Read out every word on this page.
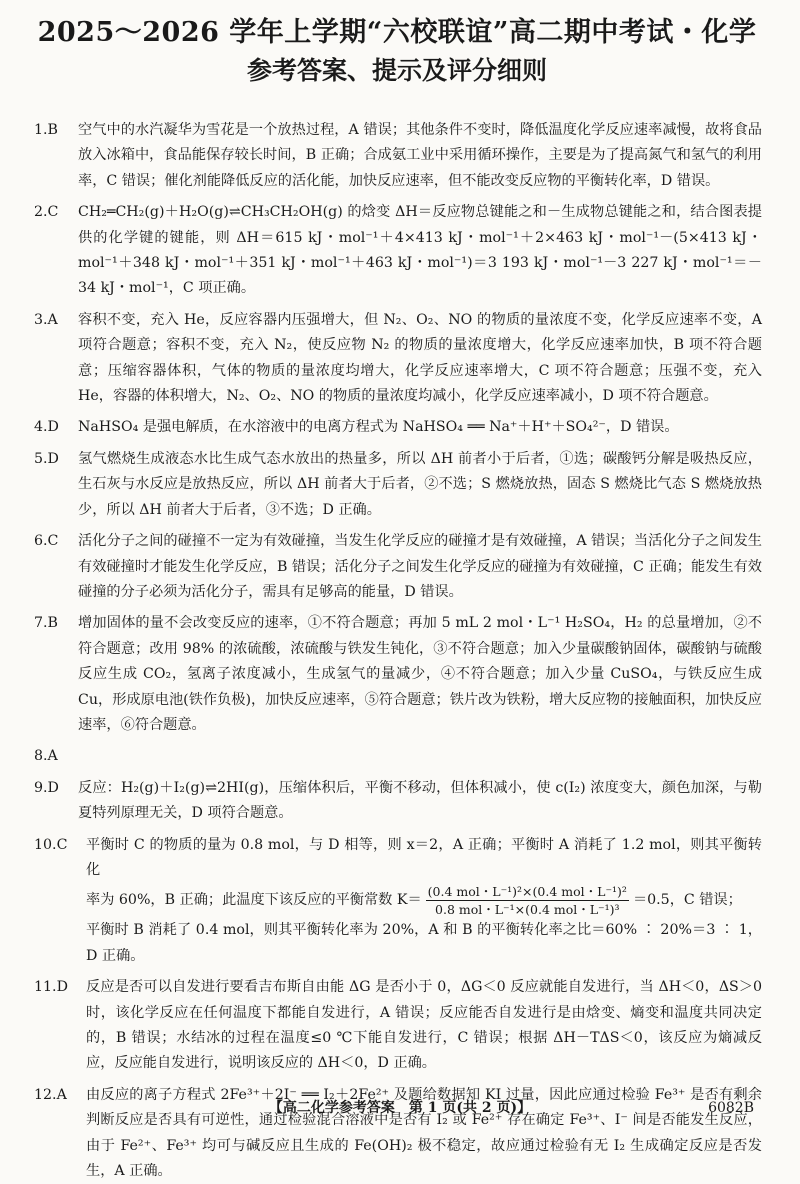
2025～2026 学年上学期“六校联谊”高二期中考试・化学
参考答案、提示及评分细则
1.B	空气中的水汽凝华为雪花是一个放热过程，A 错误；其他条件不变时，降低温度化学反应速率减慢，故将食品放入冰箱中，食品能保存较长时间，B 正确；合成氨工业中采用循环操作，主要是为了提高氮气和氢气的利用率，C 错误；催化剂能降低反应的活化能，加快反应速率，但不能改变反应物的平衡转化率，D 错误。

2.C	CH₂═CH₂(g)＋H₂O(g)⇌CH₃CH₂OH(g) 的焓变 ΔH＝反应物总键能之和－生成物总键能之和，结合图表提供的化学键的键能，则 ΔH＝615 kJ・mol⁻¹＋4×413 kJ・mol⁻¹＋2×463 kJ・mol⁻¹－(5×413 kJ・mol⁻¹＋348 kJ・mol⁻¹＋351 kJ・mol⁻¹＋463 kJ・mol⁻¹)＝3 193 kJ・mol⁻¹－3 227 kJ・mol⁻¹＝－34 kJ・mol⁻¹，C 项正确。

3.A	容积不变，充入 He，反应容器内压强增大，但 N₂、O₂、NO 的物质的量浓度不变，化学反应速率不变，A 项符合题意；容积不变，充入 N₂，使反应物 N₂ 的物质的量浓度增大，化学反应速率加快，B 项不符合题意；压缩容器体积，气体的物质的量浓度均增大，化学反应速率增大，C 项不符合题意；压强不变，充入 He，容器的体积增大，N₂、O₂、NO 的物质的量浓度均减小，化学反应速率减小，D 项不符合题意。

4.D	NaHSO₄ 是强电解质，在水溶液中的电离方程式为 NaHSO₄ ══ Na⁺＋H⁺＋SO₄²⁻，D 错误。

5.D	氢气燃烧生成液态水比生成气态水放出的热量多，所以 ΔH 前者小于后者，①选；碳酸钙分解是吸热反应，生石灰与水反应是放热反应，所以 ΔH 前者大于后者，②不选；S 燃烧放热，固态 S 燃烧比气态 S 燃烧放热少，所以 ΔH 前者大于后者，③不选；D 正确。

6.C	活化分子之间的碰撞不一定为有效碰撞，当发生化学反应的碰撞才是有效碰撞，A 错误；当活化分子之间发生有效碰撞时才能发生化学反应，B 错误；活化分子之间发生化学反应的碰撞为有效碰撞，C 正确；能发生有效碰撞的分子必须为活化分子，需具有足够高的能量，D 错误。

7.B	增加固体的量不会改变反应的速率，①不符合题意；再加 5 mL 2 mol・L⁻¹ H₂SO₄，H₂ 的总量增加，②不符合题意；改用 98% 的浓硫酸，浓硫酸与铁发生钝化，③不符合题意；加入少量碳酸钠固体，碳酸钠与硫酸反应生成 CO₂，氢离子浓度减小，生成氢气的量减少，④不符合题意；加入少量 CuSO₄，与铁反应生成 Cu，形成原电池(铁作负极)，加快反应速率，⑤符合题意；铁片改为铁粉，增大反应物的接触面积，加快反应速率，⑥符合题意。

8.A

9.D	反应：H₂(g)＋I₂(g)⇌2HI(g)，压缩体积后，平衡不移动，但体积减小，使 c(I₂) 浓度变大，颜色加深，与勒夏特列原理无关，D 项符合题意。

10.C	平衡时 C 的物质的量为 0.8 mol，与 D 相等，则 x＝2，A 正确；平衡时 A 消耗了 1.2 mol，则其平衡转化

率为 60%，B 正确；此温度下该反应的平衡常数 $K= \frac{\text{(0.4 mol・L⁻¹)²×(0.4 mol・L⁻¹)²}}{\text{0.8 mol・L⁻¹×(0.4 mol・L⁻¹)³}} =0.5$，C 错误；

平衡时 B 消耗了 0.4 mol，则其平衡转化率为 20%，A 和 B 的平衡转化率之比＝60% ∶ 20%＝3 ∶ 1，D 正确。

11.D	反应是否可以自发进行要看吉布斯自由能 ΔG 是否小于 0，ΔG＜0 反应就能自发进行，当 ΔH＜0，ΔS＞0 时，该化学反应在任何温度下都能自发进行，A 错误；反应能否自发进行是由焓变、熵变和温度共同决定的，B 错误；水结冰的过程在温度≤0 ℃下能自发进行，C 错误；根据 ΔH－TΔS＜0，该反应为熵减反应，反应能自发进行，说明该反应的 ΔH＜0，D 正确。

12.A	由反应的离子方程式 2Fe³⁺＋2I⁻ ══ I₂＋2Fe²⁺ 及题给数据知 KI 过量，因此应通过检验 Fe³⁺ 是否有剩余判断反应是否具有可逆性，通过检验混合溶液中是否有 I₂ 或 Fe²⁺ 存在确定 Fe³⁺、I⁻ 间是否能发生反应，由于 Fe²⁺、Fe³⁺ 均可与碱反应且生成的 Fe(OH)₂ 极不稳定，故应通过检验有无 I₂ 生成确定反应是否发生，A 正确。

【高二化学参考答案　第 1 页(共 2 页)】	6082B
